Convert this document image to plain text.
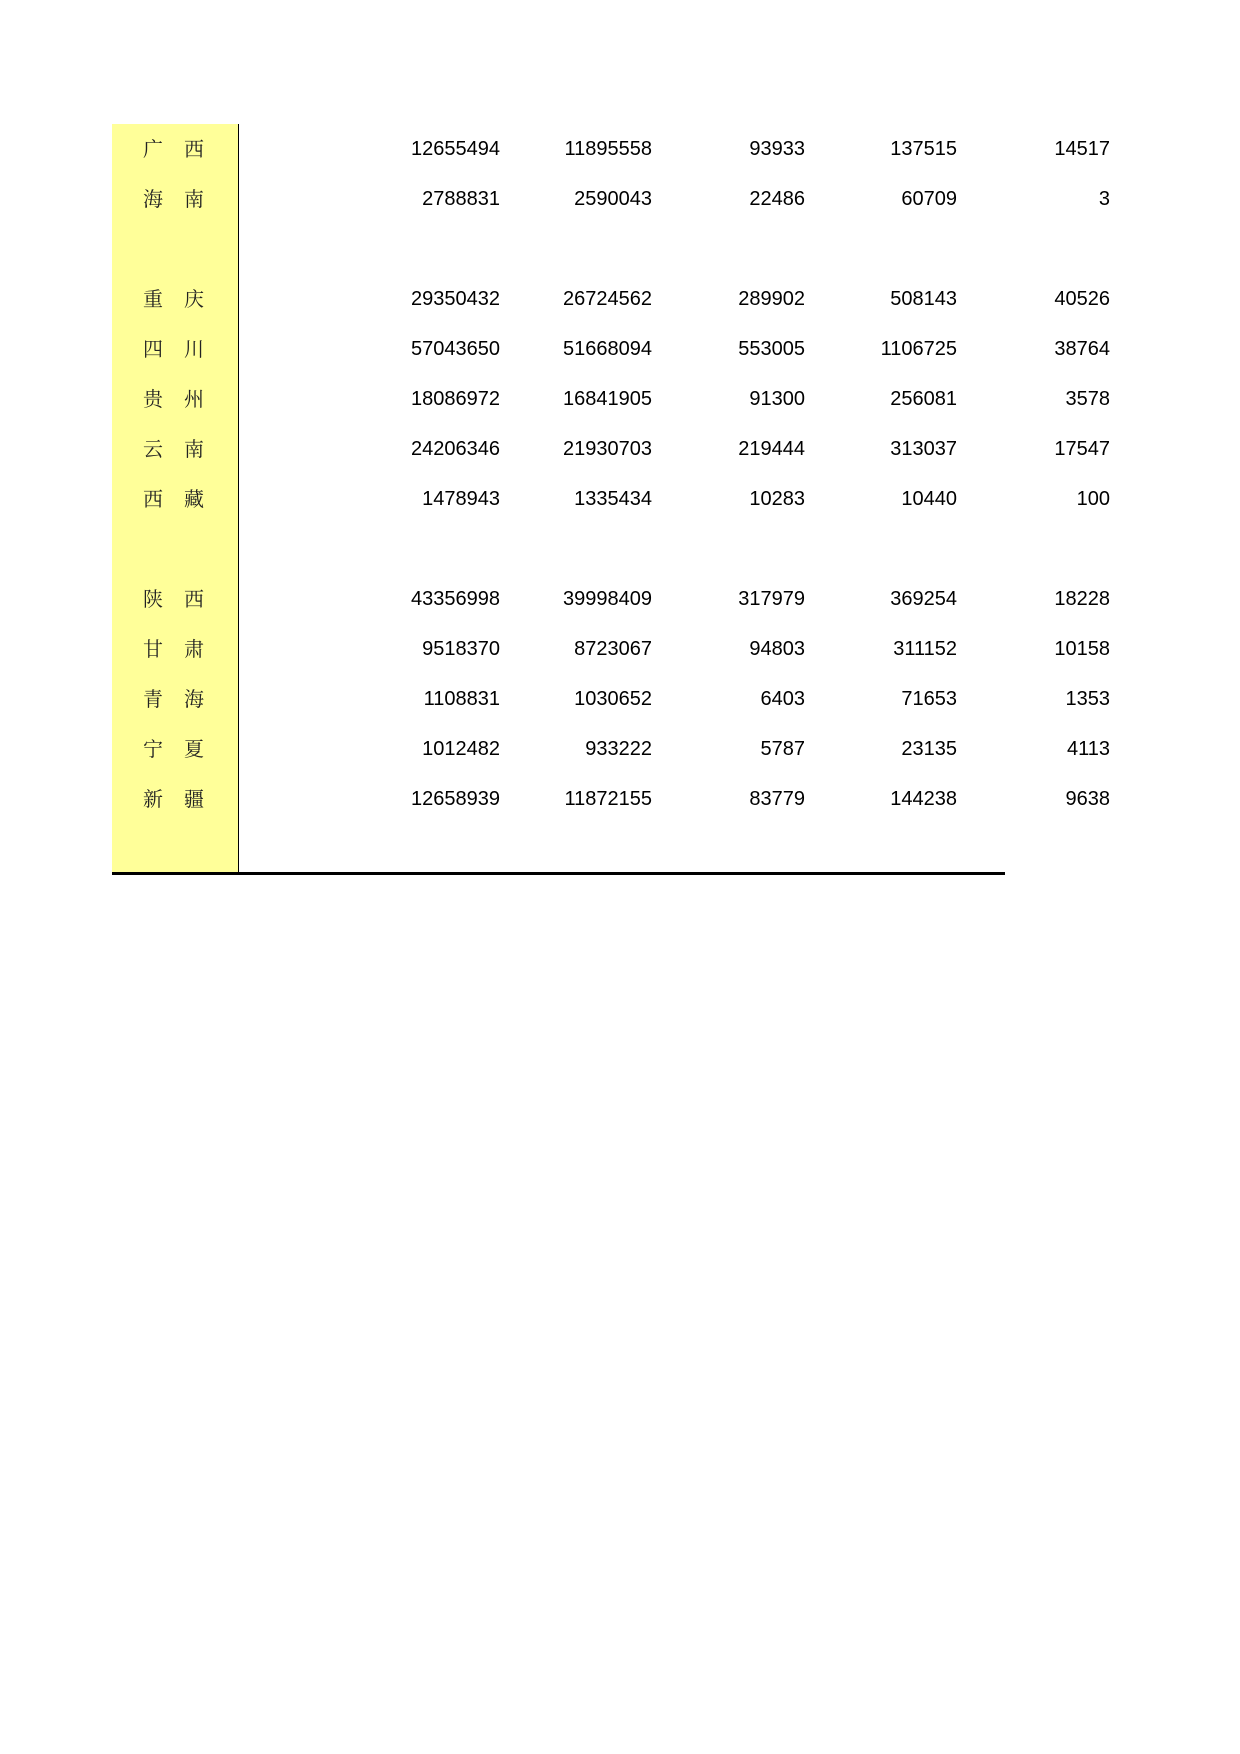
广 西	12655494	11895558	93933	137515	14517
海 南	2788831	2590043	22486	60709	3
重 庆	29350432	26724562	289902	508143	40526
四 川	57043650	51668094	553005	1106725	38764
贵 州	18086972	16841905	91300	256081	3578
云 南	24206346	21930703	219444	313037	17547
西 藏	1478943	1335434	10283	10440	100
陕 西	43356998	39998409	317979	369254	18228
甘 肃	9518370	8723067	94803	311152	10158
青 海	1108831	1030652	6403	71653	1353
宁 夏	1012482	933222	5787	23135	4113
新 疆	12658939	11872155	83779	144238	9638
